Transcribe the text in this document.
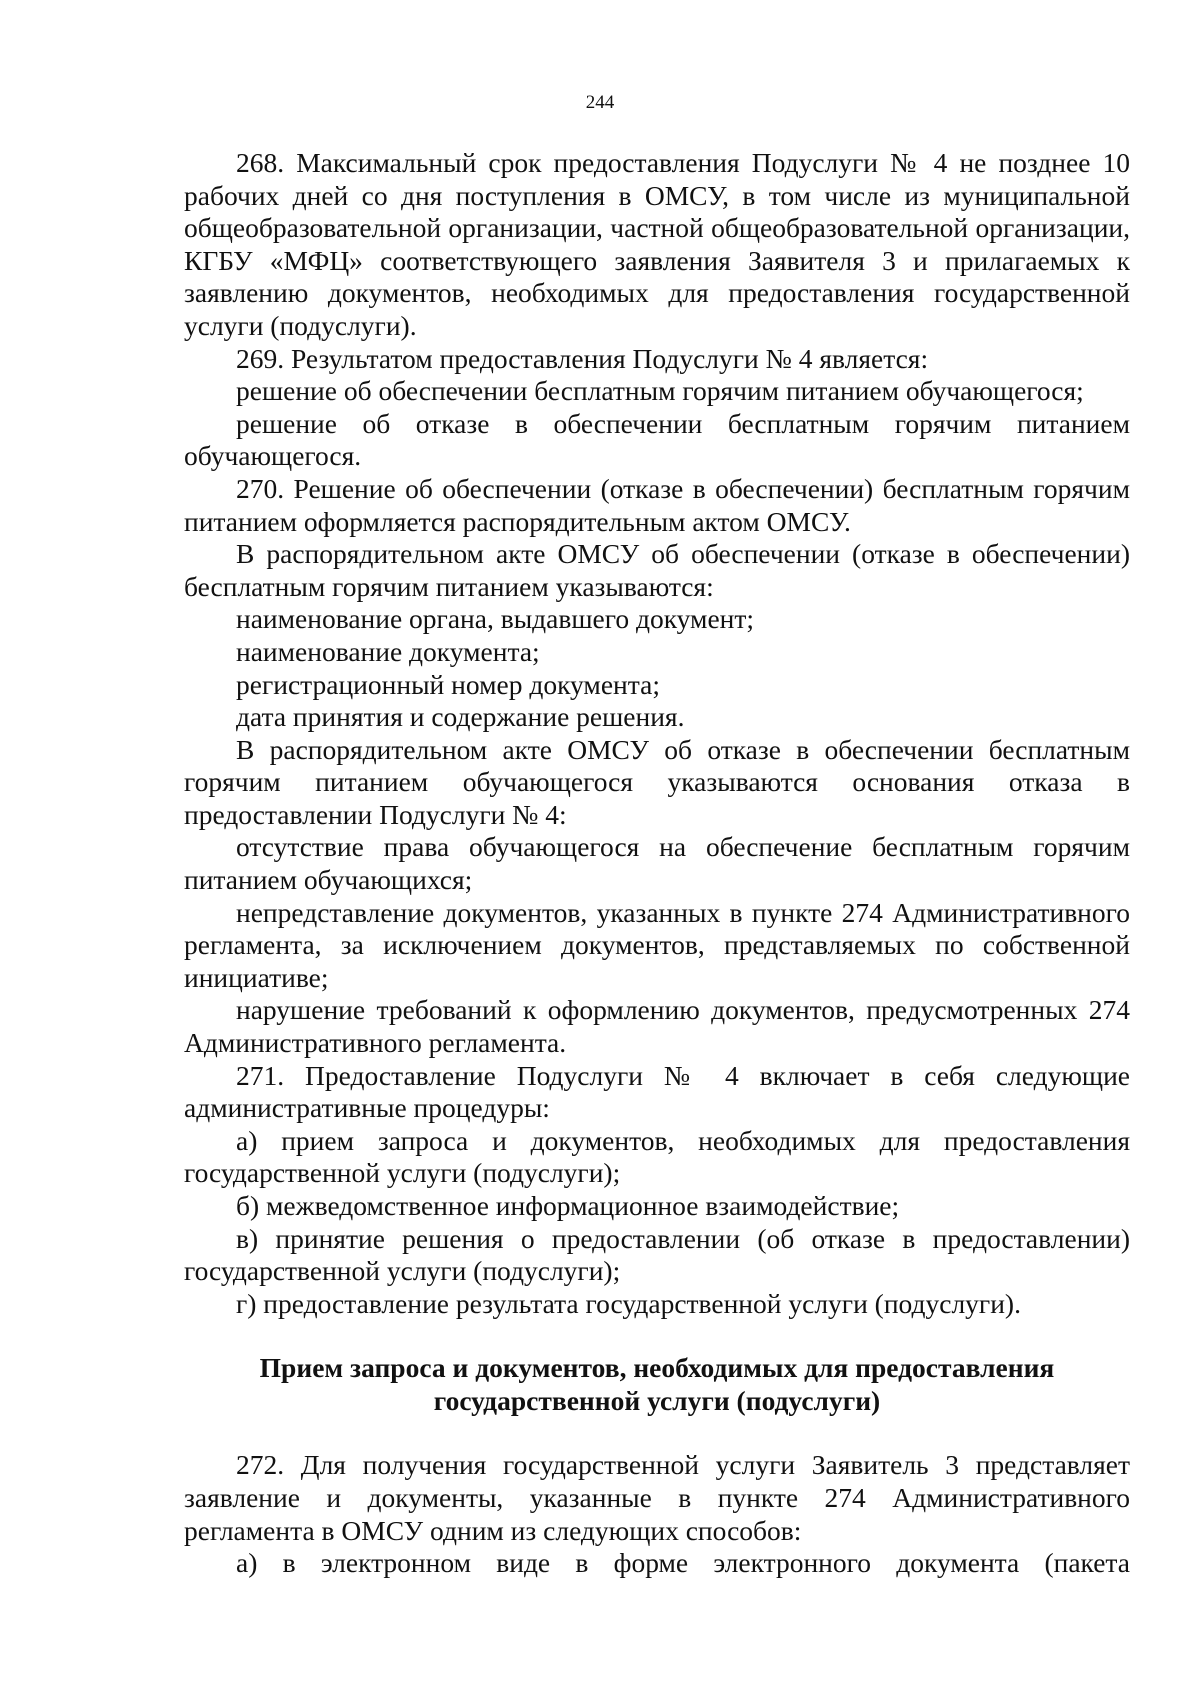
244

268. Максимальный срок предоставления Подуслуги № 4 не позднее 10 рабочих дней со дня поступления в ОМСУ, в том числе из муниципальной общеобразовательной организации, частной общеобразовательной организации, КГБУ «МФЦ» соответствующего заявления Заявителя 3 и прилагаемых к заявлению документов, необходимых для предоставления государственной услуги (подуслуги).

269. Результатом предоставления Подуслуги № 4 является:

решение об обеспечении бесплатным горячим питанием обучающегося;

решение об отказе в обеспечении бесплатным горячим питанием обучающегося.

270. Решение об обеспечении (отказе в обеспечении) бесплатным горячим питанием оформляется распорядительным актом ОМСУ.

В распорядительном акте ОМСУ об обеспечении (отказе в обеспечении) бесплатным горячим питанием указываются:

наименование органа, выдавшего документ;

наименование документа;

регистрационный номер документа;

дата принятия и содержание решения.

В распорядительном акте ОМСУ об отказе в обеспечении бесплатным горячим питанием обучающегося указываются основания отказа в предоставлении Подуслуги № 4:

отсутствие права обучающегося на обеспечение бесплатным горячим питанием обучающихся;

непредставление документов, указанных в пункте 274 Административного регламента, за исключением документов, представляемых по собственной инициативе;

нарушение требований к оформлению документов, предусмотренных 274 Административного регламента.

271. Предоставление Подуслуги № 4 включает в себя следующие административные процедуры:

а) прием запроса и документов, необходимых для предоставления государственной услуги (подуслуги);

б) межведомственное информационное взаимодействие;

в) принятие решения о предоставлении (об отказе в предоставлении) государственной услуги (подуслуги);

г) предоставление результата государственной услуги (подуслуги).

Прием запроса и документов, необходимых для предоставления
государственной услуги (подуслуги)

272. Для получения государственной услуги Заявитель 3 представляет заявление и документы, указанные в пункте 274 Административного регламента в ОМСУ одним из следующих способов:

а) в электронном виде в форме электронного документа (пакета
